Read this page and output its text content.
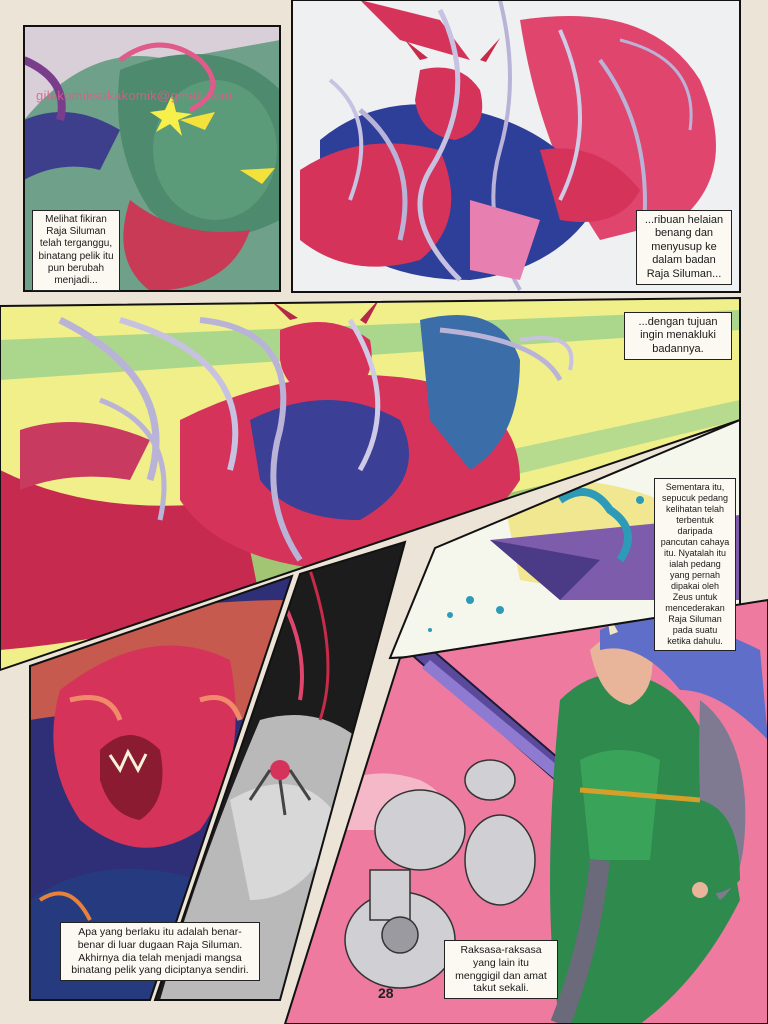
gilakomiksukakomik@gmail.com
Melihat fikiran Raja Siluman telah terganggu, binatang pelik itu pun berubah menjadi...
...ribuan helaian benang dan menyusup ke dalam badan Raja Siluman...
...dengan tujuan ingin menakluki badannya.
Sementara itu, sepucuk pedang kelihatan telah terbentuk daripada pancutan cahaya itu. Nyatalah itu ialah pedang yang pernah dipakai oleh Zeus untuk mencederakan Raja Siluman pada suatu ketika dahulu.
Apa yang berlaku itu adalah benar-benar di luar dugaan Raja Siluman. Akhirnya dia telah menjadi mangsa binatang pelik yang diciptanya sendiri.
Raksasa-raksasa yang lain itu menggigil dan amat takut sekali.
28
